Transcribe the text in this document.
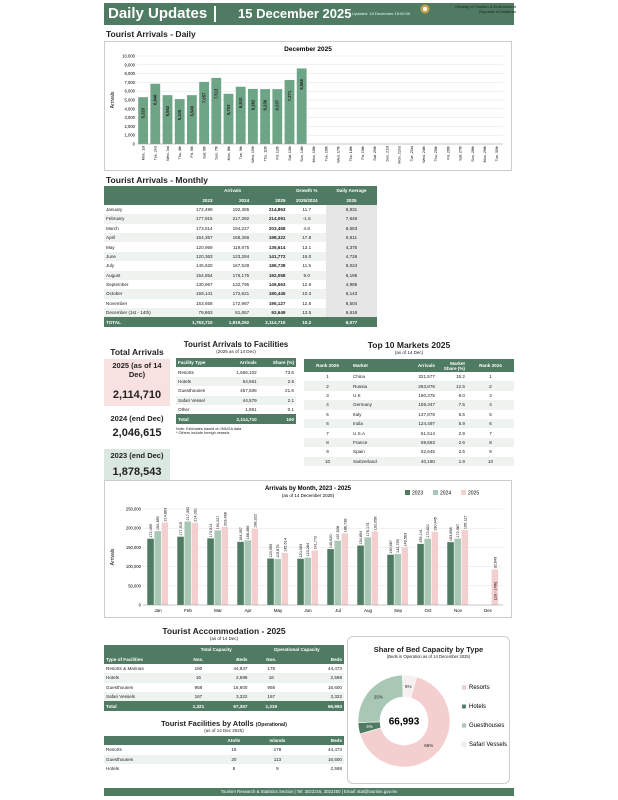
Daily Updates 15 December 2025 Updated: 15 December 15:00:00
Ministry of Tourism & Environment
Republic of Maldives
Tourist Arrivals - Daily
December 2025
Arrivals
0
1,000
2,000
3,000
4,000
5,000
6,000
7,000
8,000
9,000
10,000
Mon, 1st
5,320
Tue, 2nd
6,848
Wed, 3rd
5,552
Thu, 4th
5,105
Fri, 5th
5,549
Sat, 6th
7,057
Sun, 7th
7,513
Mon, 8th
5,703
Tue, 9th
6,510
Wed, 10th
6,262
Thu, 11th
6,238
Fri, 12th
6,237
Sat, 13th
7,271
Sun, 14th
8,588
Mon, 15th Tue, 16th Wed, 17th Thu, 18th Fri, 19th Sat, 20th Sun, 21st Mon, 22nd Tue, 23rd Wed, 24th Thu, 25th Fri, 26th Sat, 27th Sun, 28th Mon, 29th Tue, 30th
Tourist Arrivals - Monthly
	Arrivals			Growth %	Daily Average
	2023	2024	2025	2025/2024	2025
January	172,499	192,385	214,863	11.7	6,931
February	177,915	217,392	214,091	-1.5	7,646
March	173,514	194,227	203,468	4.8	6,563
April	164,357	168,366	198,322	17.8	6,611
May	120,959	119,875	135,614	13.1	4,375
June	120,363	123,284	141,772	15.0	4,726
July	145,620	167,528	186,738	11.5	6,024
August	154,854	176,175	192,058	9.0	6,195
September	130,967	132,795	149,563	12.6	4,985
October	159,141	172,621	190,445	10.3	6,143
November	163,658	172,987	195,127	12.8	6,504
December (1st - 14th)	79,863	81,657	92,649	13.5	6,618
TOTAL	1,763,710	1,919,292	2,114,710	10.2	6,077
Total Arrivals
2025 (as of 14 Dec)
2,114,710
2024 (end Dec)
2,046,615
2023 (end Dec)
1,878,543
Tourist Arrivals to Facilities
(2025 as of 14 Dec)
Facility Type	Arrivals	Share (%)
Resorts	1,556,102	73.6
Hotels	54,661	2.6
Guesthouses	457,508	21.6
Safari Vessel	44,579	2.1
Other	1,861	0.1
Total	2,114,710	100
Note: Estimates based on IMUGA data
* Others include foreign vessels
Top 10 Markets 2025
(as of 14 Dec)
Rank 2025	Market	Arrivals	Market Share (%)	Rank 2024
1	China	321,577	15.2	1
2	Russia	263,876	12.5	2
3	U.K	190,375	9.0	3
4	Germany	159,347	7.5	4
5	Italy	137,878	6.5	5
6	India	124,497	5.9	6
7	U.S.A	61,514	2.9	7
8	France	59,563	2.6	8
9	Spain	52,645	2.5	9
10	Switzerland	40,180	1.9	10
Arrivals by Month, 2023 - 2025
(as of 14 December 2025)	2023	2024	2025
Arrivals
0
50,000
100,000
150,000
200,000
250,000
Jan
172,499
192,385
214,863
Feb
177,915
217,392 214,091
Mar
173,514
194,227 203,468
Apr
164,357 168,366
198,322
May
120,959 119,875 135,614
Jun
120,363 123,284
141,772
Jul
145,620
167,528
186,738
Aug
154,854
176,175 192,058
Sep
130,967 132,795 149,563
Oct
159,141 172,621 190,445
Nov
163,658 172,987
195,127
Dec
92,649
(1st - 14th)
Tourist Accommodation - 2025
(as of 14 Dec)
	Total Capacity		Operational Capacity	
Type of Facilities	Nos.	Beds	Nos.	Beds
Resorts & Marinas	180	44,837	178	44,473
Hotels	16	2,598	16	2,598
Guesthouses	958	16,600	958	16,600
Safari Vessels	167	3,322	167	3,322
Total	1,321	67,357	1,319	66,993
Tourist Facilities by Atolls (Operational)
(as of 14 Dec 2025)
	Atolls	Islands	Beds
Resorts	19	178	44,473
Guesthouses	20	113	16,600
Hotels	8	9	2,598
Share of Bed Capacity by Type
(Beds in Operation as of 14 December 2025)
66%
4%
25%
5%
66,993
Resorts
Hotels
Guesthouses
Safari Vessels
Tourism Research & Statistics Section | Tel: 3022216, 3022250 | Email: stat@tourism.gov.mv
